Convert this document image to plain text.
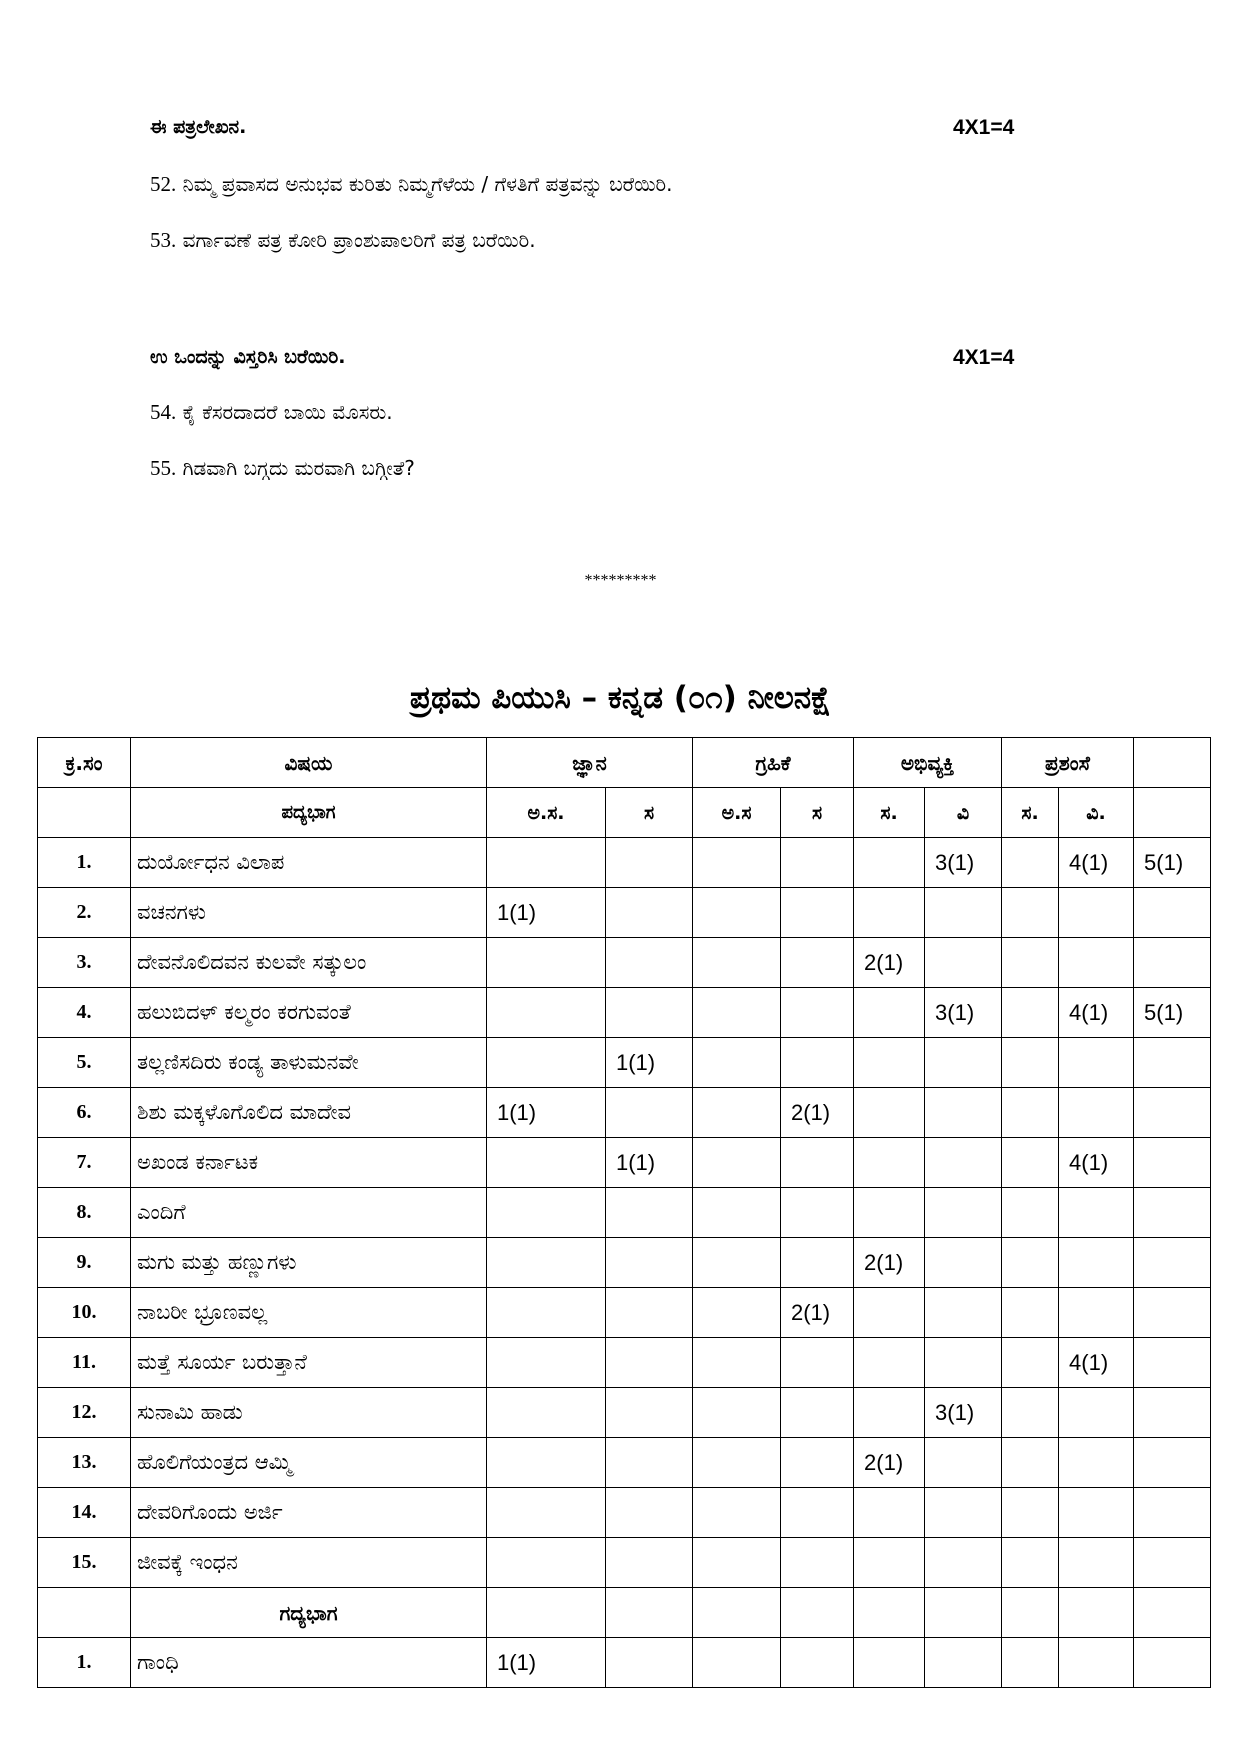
ಈ ಪತ್ರಲೇಖನ.	4X1=4
52. ನಿಮ್ಮ ಪ್ರವಾಸದ ಅನುಭವ ಕುರಿತು ನಿಮ್ಮಗೆಳೆಯ / ಗೆಳತಿಗೆ ಪತ್ರವನ್ನು ಬರೆಯಿರಿ.
53. ವರ್ಗಾವಣೆ ಪತ್ರ ಕೋರಿ ಪ್ರಾಂಶುಪಾಲರಿಗೆ ಪತ್ರ ಬರೆಯಿರಿ.
ಉ ಒಂದನ್ನು ವಿಸ್ತರಿಸಿ ಬರೆಯಿರಿ.	4X1=4
54. ಕೈ ಕೆಸರದಾದರೆ ಬಾಯಿ ಮೊಸರು.
55. ಗಿಡವಾಗಿ ಬಗ್ಗದು ಮರವಾಗಿ ಬಗ್ಗೀತೆ?
*********
ಪ್ರಥಮ ಪಿಯುಸಿ – ಕನ್ನಡ (೦೧) ನೀಲನಕ್ಷೆ
ಕ್ರ.ಸಂ	ವಿಷಯ	ಜ್ಞಾನ		ಗ್ರಹಿಕೆ		ಅಭಿವ್ಯಕ್ತಿ		ಪ್ರಶಂಸೆ		
	ಪದ್ಯಭಾಗ	ಅ.ಸ.	ಸ	ಅ.ಸ	ಸ	ಸ.	ವಿ	ಸ.	ವಿ.	
1.	ದುರ್ಯೋಧನ ವಿಲಾಪ						3(1)		4(1)	5(1)
2.	ವಚನಗಳು	1(1)								
3.	ದೇವನೊಲಿದವನ ಕುಲವೇ ಸತ್ಕುಲಂ					2(1)				
4.	ಹಲುಬಿದಳ್ ಕಲ್ಮರಂ ಕರಗುವಂತೆ						3(1)		4(1)	5(1)
5.	ತಲ್ಲಣಿಸದಿರು ಕಂಡ್ಯ ತಾಳುಮನವೇ		1(1)							
6.	ಶಿಶು ಮಕ್ಕಳೊಗೊಲಿದ ಮಾದೇವ	1(1)			2(1)					
7.	ಅಖಂಡ ಕರ್ನಾಟಕ		1(1)						4(1)	
8.	ಎಂದಿಗೆ									
9.	ಮಗು ಮತ್ತು ಹಣ್ಣುಗಳು					2(1)				
10.	ನಾಬರೀ ಭ್ರೂಣವಲ್ಲ				2(1)					
11.	ಮತ್ತೆ ಸೂರ್ಯ ಬರುತ್ತಾನೆ								4(1)	
12.	ಸುನಾಮಿ ಹಾಡು						3(1)			
13.	ಹೊಲಿಗೆಯಂತ್ರದ ಆಮ್ಮಿ					2(1)				
14.	ದೇವರಿಗೊಂದು ಅರ್ಜಿ									
15.	ಜೀವಕ್ಕೆ ಇಂಧನ									
	ಗದ್ಯಭಾಗ									
1.	ಗಾಂಧಿ	1(1)								
